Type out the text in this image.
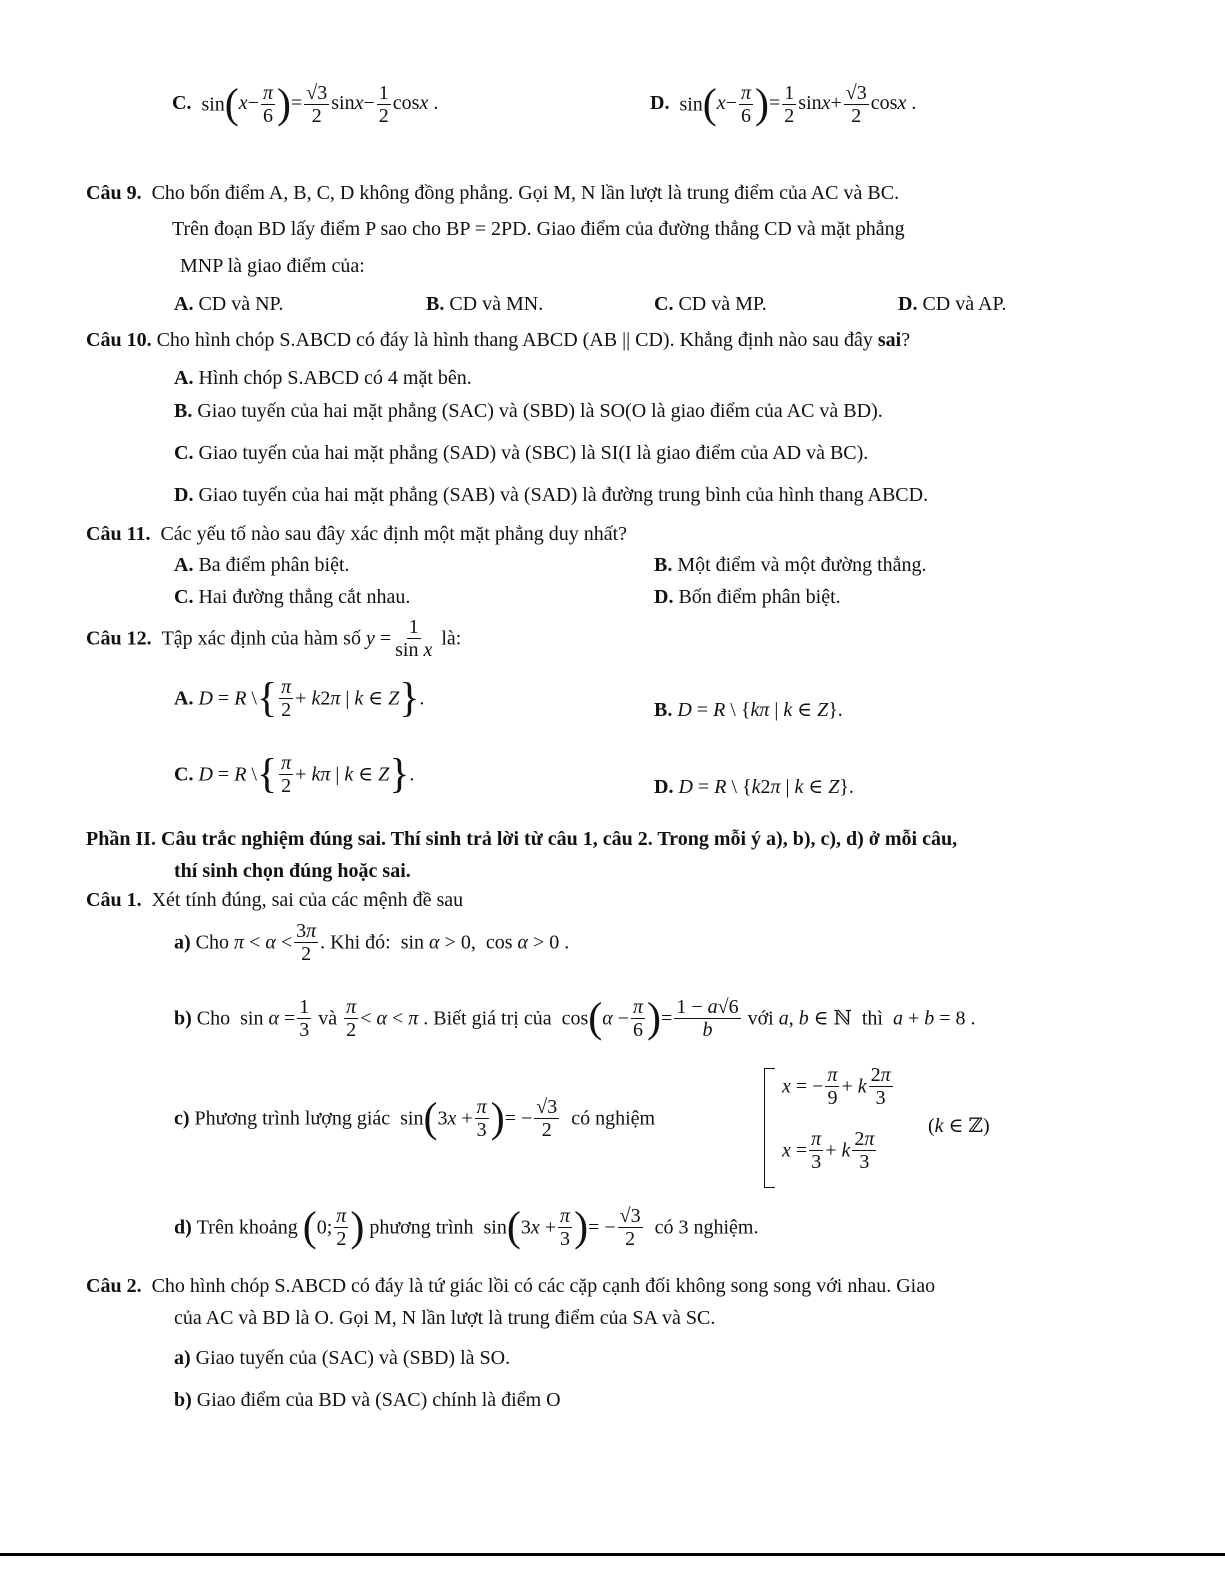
C.  $\sin(x- \frac{\pi}{6}$ )= $\frac{√3}{2} \sin x- \frac{1}{2}$ cosx .	D.  $\sin(x- \frac{\pi}{6}$ )= $\frac{1}{2} \sin x+ \frac{√3}{2}$ cosx .
Câu 9. Cho bốn điểm A, B, C, D không đồng phẳng. Gọi M, N lần lượt là trung điểm của AC và BC.
Trên đoạn BD lấy điểm P sao cho BP = 2PD. Giao điểm của đường thẳng CD và mặt phẳng
MNP là giao điểm của:
A. CD và NP.	B. CD và MN.	C. CD và MP.	D. CD và AP.
Câu 10. Cho hình chóp S.ABCD có đáy là hình thang ABCD (AB || CD). Khẳng định nào sau đây sai?
A. Hình chóp S.ABCD có 4 mặt bên.
B. Giao tuyến của hai mặt phẳng (SAC) và (SBD) là SO(O là giao điểm của AC và BD).
C. Giao tuyến của hai mặt phẳng (SAD) và (SBC) là SI(I là giao điểm của AD và BC).
D. Giao tuyến của hai mặt phẳng (SAB) và (SAD) là đường trung bình của hình thang ABCD.
Câu 11. Các yếu tố nào sau đây xác định một mặt phẳng duy nhất?
A. Ba điểm phân biệt.	B. Một điểm và một đường thẳng.
C. Hai đường thẳng cắt nhau.	D. Bốn điểm phân biệt.
Câu 12.  Tập xác định của hàm số $y = \frac{1}{\text{sin x}}$ là:
A. D = R \{ $\frac{\pi}{2} + k2\pi$ | k ∈ Z}.
B. D = R \ {kπ | k ∈ Z}.
C. D = R \{ $\frac{\pi}{2} + k\pi$ | k ∈ Z}.
D. D = R \ {k2π | k ∈ Z}.
Phần II. Câu trắc nghiệm đúng sai. Thí sinh trả lời từ câu 1, câu 2. Trong mỗi ý a), b), c), d) ở mỗi câu,
thí sinh chọn đúng hoặc sai.
Câu 1. Xét tính đúng, sai của các mệnh đề sau
a) Cho $\pi < \alpha < \frac{3\pi}{2}$ . Khi đó:  sin α > 0,  cos α > 0 .
b) Cho  $\sin \alpha = \frac{1}{3}$ và $\frac{\pi}{2} < \alpha < \pi$ . Biết giá trị của  $\cos(\alpha - \frac{\pi}{6}$ )= $\frac{1 - a√6}{b}$ với a, b ∈ ℕ  thì  a + b = 8 .
c) Phương trình lượng giác  $\sin(3x + \frac{\pi}{3}$ )= − $\frac{√3}{2}$ có nghiệm
x = − $\frac{\pi}{9} + k \frac{2\pi}{3}$
$x = \frac{\pi}{3} + k \frac{2\pi}{3}$
(k ∈ ℤ)
d) Trên khoảng (0; $\frac{\pi}{2}$ ) phương trình  $\sin(3x + \frac{\pi}{3}$ )= − $\frac{√3}{2}$ có 3 nghiệm.
Câu 2. Cho hình chóp S.ABCD có đáy là tứ giác lồi có các cặp cạnh đối không song song với nhau. Giao
của AC và BD là O. Gọi M, N lần lượt là trung điểm của SA và SC.
a) Giao tuyến của (SAC) và (SBD) là SO.
b) Giao điểm của BD và (SAC) chính là điểm O
